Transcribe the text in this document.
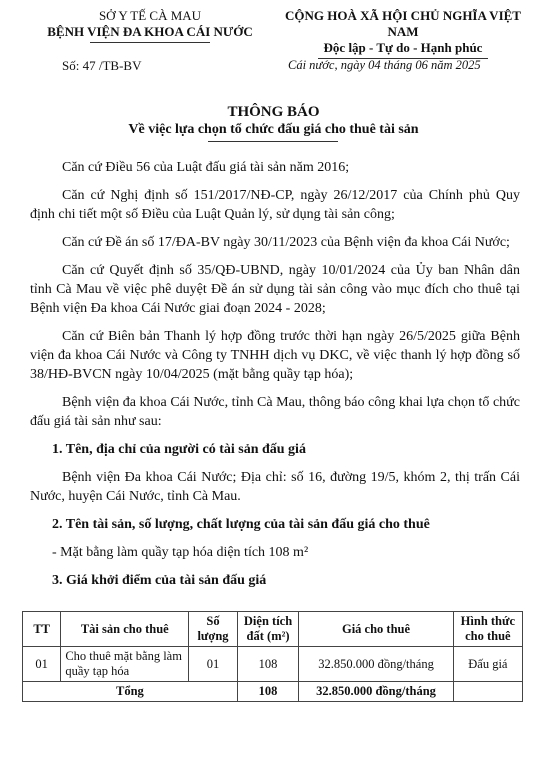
SỞ Y TẾ CÀ MAU
BỆNH VIỆN ĐA KHOA CÁI NƯỚC
CỘNG HOÀ XÃ HỘI CHỦ NGHĨA VIỆT NAM
Độc lập - Tự do - Hạnh phúc
Số: 47 /TB-BV	Cái nước, ngày 04 tháng 06 năm 2025
THÔNG BÁO
Về việc lựa chọn tổ chức đấu giá cho thuê tài sản

Căn cứ Điều 56 của Luật đấu giá tài sản năm 2016;

Căn cứ Nghị định số 151/2017/NĐ-CP, ngày 26/12/2017 của Chính phủ Quy định chi tiết một số Điều của Luật Quản lý, sử dụng tài sản công;

Căn cứ Đề án số 17/ĐA-BV ngày 30/11/2023 của Bệnh viện đa khoa Cái Nước;

Căn cứ Quyết định số 35/QĐ-UBND, ngày 10/01/2024 của Ủy ban Nhân dân tỉnh Cà Mau về việc phê duyệt Đề án sử dụng tài sản công vào mục đích cho thuê tại Bệnh viện Đa khoa Cái Nước giai đoạn 2024 - 2028;

Căn cứ Biên bản Thanh lý hợp đồng trước thời hạn ngày 26/5/2025 giữa Bệnh viện đa khoa Cái Nước và Công ty TNHH dịch vụ DKC, về việc thanh lý hợp đồng số 38/HĐ-BVCN ngày 10/04/2025 (mặt bằng quầy tạp hóa);

Bệnh viện đa khoa Cái Nước, tỉnh Cà Mau, thông báo công khai lựa chọn tổ chức đấu giá tài sản như sau:

1. Tên, địa chỉ của người có tài sản đấu giá

Bệnh viện Đa khoa Cái Nước; Địa chỉ: số 16, đường 19/5, khóm 2, thị trấn Cái Nước, huyện Cái Nước, tỉnh Cà Mau.

2. Tên tài sản, số lượng, chất lượng của tài sản đấu giá cho thuê

- Mặt bằng làm quầy tạp hóa diện tích 108 m²

3. Giá khởi điểm của tài sản đấu giá
TT	Tài sản cho thuê	Số lượng	Diện tích đất (m²)	Giá cho thuê	Hình thức cho thuê
01	Cho thuê mặt bằng làm quầy tạp hóa	01	108	32.850.000 đồng/tháng	Đấu giá
Tổng			108	32.850.000 đồng/tháng	
